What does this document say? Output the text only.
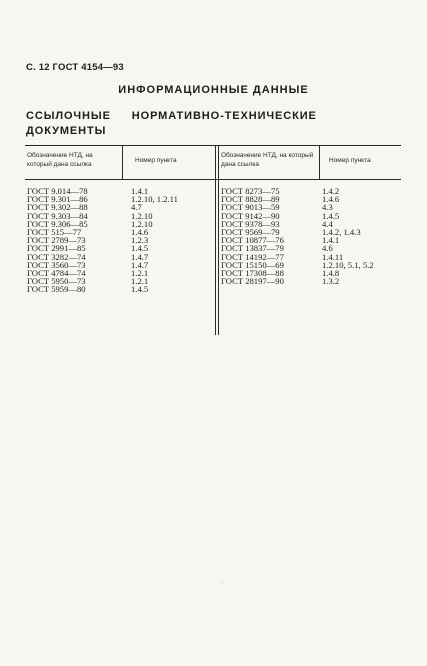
С. 12 ГОСТ 4154—93
ИНФОРМАЦИОННЫЕ ДАННЫЕ
ССЫЛОЧНЫЕ НОРМАТИВНО-ТЕХНИЧЕСКИЕ ДОКУМЕНТЫ
Обозначение НТД, на который дана ссылка
Номер пункта
Обозначение НТД, на который дана ссылка
Номер пункта
ГОСТ 9.014—78	1.4.1
ГОСТ 9.301—86	1.2.10, 1.2.11
ГОСТ 9.302—88	4.7
ГОСТ 9.303—84	1.2.10
ГОСТ 9.306—85	1.2.10
ГОСТ 515—77	1.4.6
ГОСТ 2789—73	1.2.3
ГОСТ 2991—85	1.4.5
ГОСТ 3282—74	1.4.7
ГОСТ 3560—73	1.4.7
ГОСТ 4784—74	1.2.1
ГОСТ 5950—73	1.2.1
ГОСТ 5959—80	1.4.5
ГОСТ 8273—75	1.4.2
ГОСТ 8828—89	1.4.6
ГОСТ 9013—59	4.3
ГОСТ 9142—90	1.4.5
ГОСТ 9378—93	4.4
ГОСТ 9569—79	1.4.2, 1.4.3
ГОСТ 10877—76	1.4.1
ГОСТ 13837—79	4.6
ГОСТ 14192—77	1.4.11
ГОСТ 15150—69	1.2.10, 5.1, 5.2
ГОСТ 17308—88	1.4.8
ГОСТ 28197—90	1.3.2
·
